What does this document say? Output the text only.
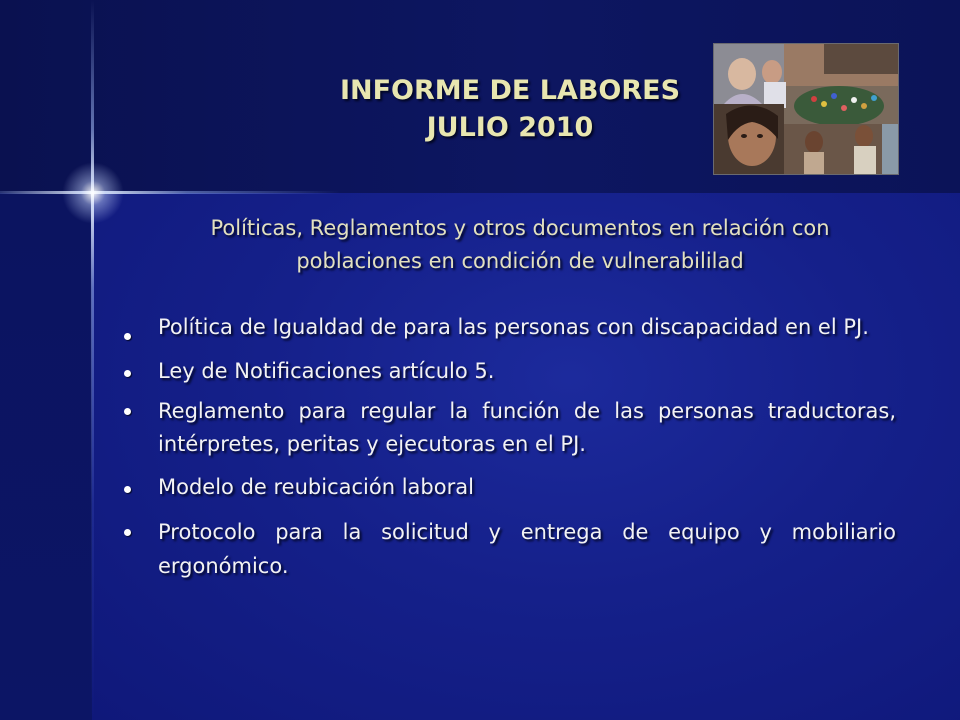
INFORME DE LABORES
JULIO 2010
Políticas, Reglamentos y otros documentos en relación con
poblaciones en condición de vulnerabililad
Política de Igualdad de para las personas con discapacidad en el PJ.
Ley de Notificaciones artículo 5.
Reglamento para regular la función de las personas traductoras, intérpretes, peritas y ejecutoras en el PJ.
Modelo de reubicación laboral
Protocolo para la solicitud y entrega de equipo y mobiliario ergonómico.
